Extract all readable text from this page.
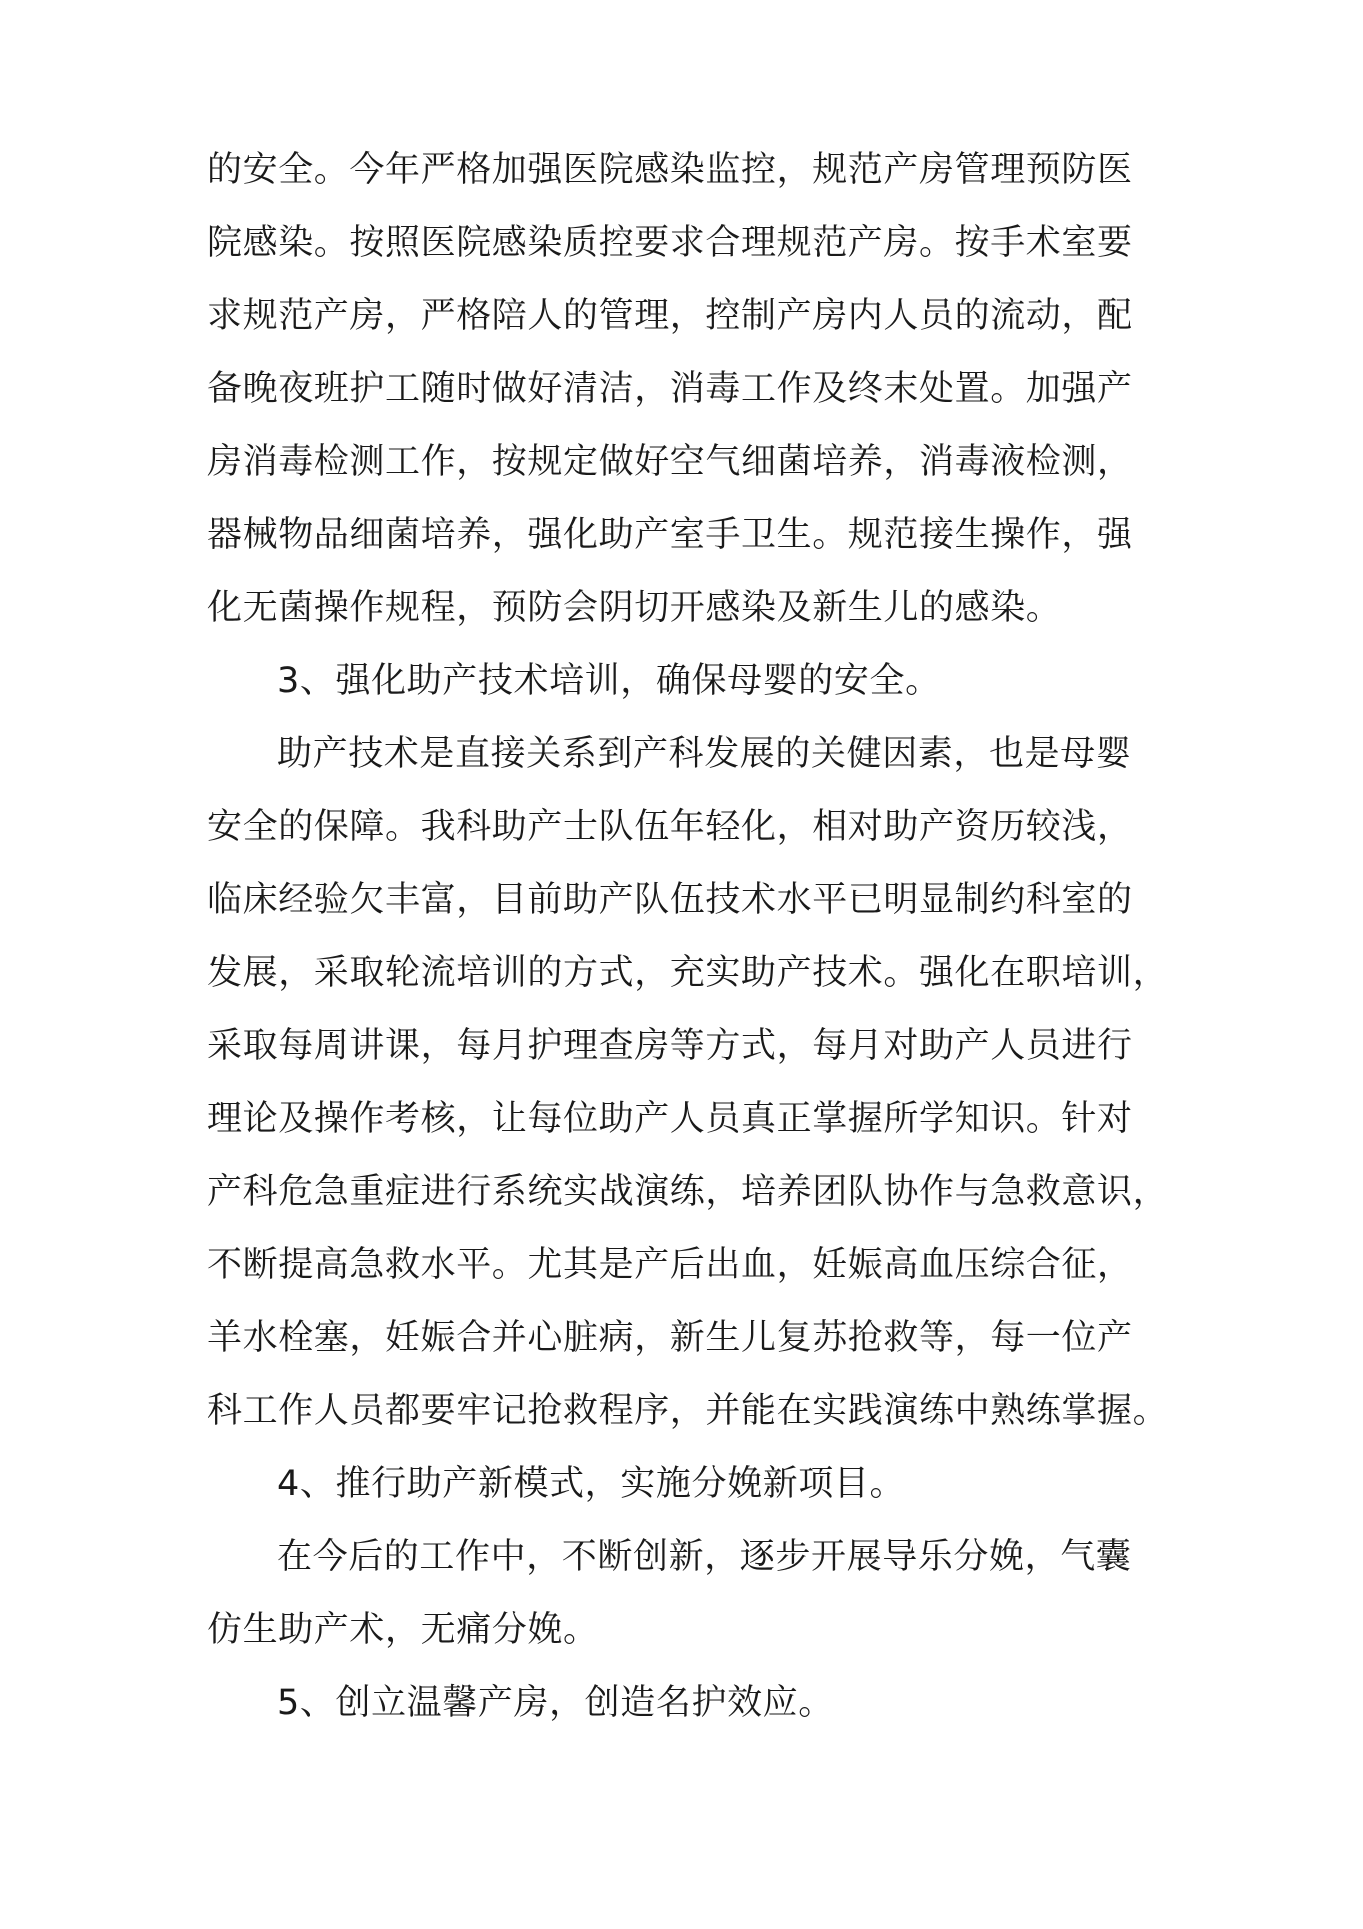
的安全。今年严格加强医院感染监控，规范产房管理预防医
院感染。按照医院感染质控要求合理规范产房。按手术室要
求规范产房，严格陪人的管理，控制产房内人员的流动，配
备晚夜班护工随时做好清洁，消毒工作及终末处置。加强产
房消毒检测工作，按规定做好空气细菌培养，消毒液检测，
器械物品细菌培养，强化助产室手卫生。规范接生操作，强
化无菌操作规程，预防会阴切开感染及新生儿的感染。
3、强化助产技术培训，确保母婴的安全。
助产技术是直接关系到产科发展的关健因素，也是母婴
安全的保障。我科助产士队伍年轻化，相对助产资历较浅，
临床经验欠丰富，目前助产队伍技术水平已明显制约科室的
发展，采取轮流培训的方式，充实助产技术。强化在职培训，
采取每周讲课，每月护理查房等方式，每月对助产人员进行
理论及操作考核，让每位助产人员真正掌握所学知识。针对
产科危急重症进行系统实战演练，培养团队协作与急救意识，
不断提高急救水平。尤其是产后出血，妊娠高血压综合征，
羊水栓塞，妊娠合并心脏病，新生儿复苏抢救等，每一位产
科工作人员都要牢记抢救程序，并能在实践演练中熟练掌握。
4、推行助产新模式，实施分娩新项目。
在今后的工作中，不断创新，逐步开展导乐分娩，气囊
仿生助产术，无痛分娩。
5、创立温馨产房，创造名护效应。
